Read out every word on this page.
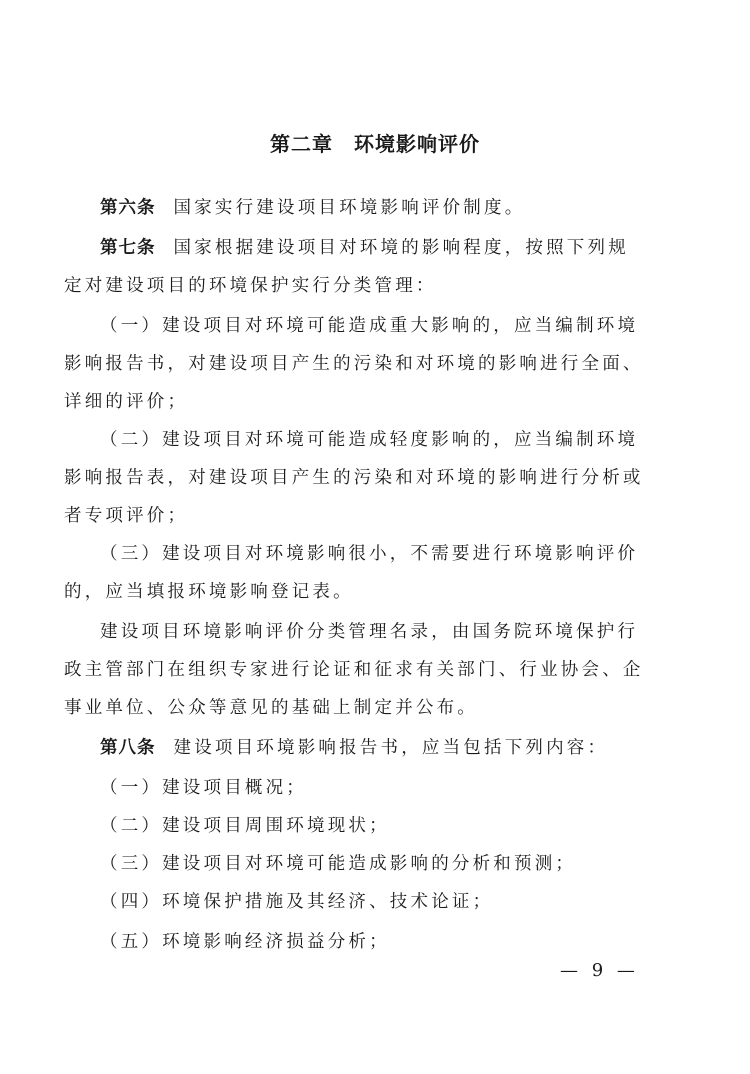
第二章　环境影响评价
第六条 国家实行建设项目环境影响评价制度。
第七条 国家根据建设项目对环境的影响程度，按照下列规
定对建设项目的环境保护实行分类管理：
（一）建设项目对环境可能造成重大影响的，应当编制环境
影响报告书，对建设项目产生的污染和对环境的影响进行全面、
详细的评价；
（二）建设项目对环境可能造成轻度影响的，应当编制环境
影响报告表，对建设项目产生的污染和对环境的影响进行分析或
者专项评价；
（三）建设项目对环境影响很小，不需要进行环境影响评价
的，应当填报环境影响登记表。
建设项目环境影响评价分类管理名录，由国务院环境保护行
政主管部门在组织专家进行论证和征求有关部门、行业协会、企
事业单位、公众等意见的基础上制定并公布。
第八条 建设项目环境影响报告书，应当包括下列内容：
（一）建设项目概况；
（二）建设项目周围环境现状；
（三）建设项目对环境可能造成影响的分析和预测；
（四）环境保护措施及其经济、技术论证；
（五）环境影响经济损益分析；
— 9 —
